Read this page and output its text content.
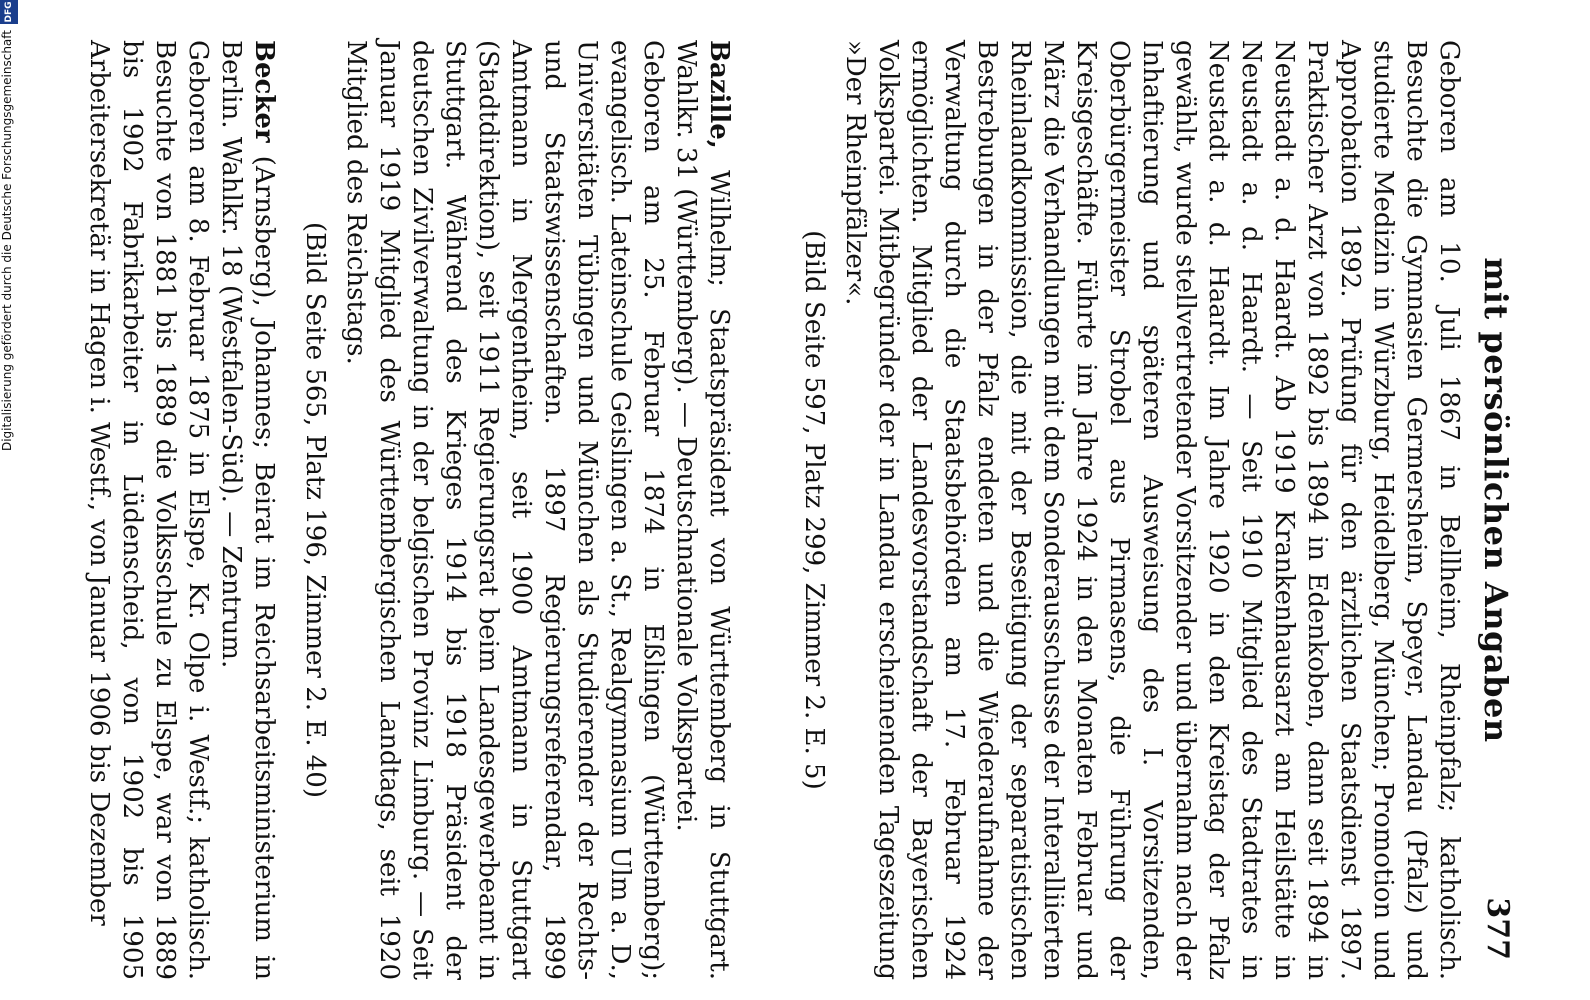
mit persönlichen Angaben
377

Geboren am 10. Juli 1867 in Bellheim, Rheinpfalz; katholisch. Besuchte die Gymnasien Germersheim, Speyer, Landau (Pfalz) und studierte Medizin in Würzburg, Heidelberg, München; Promotion und Approbation 1892. Prüfung für den ärztlichen Staatsdienst 1897. Praktischer Arzt von 1892 bis 1894 in Edenkoben, dann seit 1894 in Neustadt a. d. Haardt. Ab 1919 Krankenhausarzt am Heilstätte in Neustadt a. d. Haardt. — Seit 1910 Mitglied des Stadtrates in Neustadt a. d. Haardt. Im Jahre 1920 in den Kreistag der Pfalz gewählt, wurde stellvertretender Vorsitzender und übernahm nach der Inhaftierung und späteren Ausweisung des I. Vorsitzenden, Oberbürgermeister Strobel aus Pirmasens, die Führung der Kreisgeschäfte. Führte im Jahre 1924 in den Monaten Februar und März die Verhandlungen mit dem Sonderausschusse der Interalliierten Rheinlandkommission, die mit der Beseitigung der separatistischen Bestrebungen in der Pfalz endeten und die Wiederaufnahme der Verwaltung durch die Staatsbehörden am 17. Februar 1924 ermöglichten. Mitglied der Landesvorstandschaft der Bayerischen Volkspartei. Mitbegründer der in Landau erscheinenden Tageszeitung »Der Rheinpfälzer«.

(Bild Seite 597, Platz 299, Zimmer 2. E. 5)

Bazille, Wilhelm; Staatspräsident von Württemberg in Stuttgart. Wahlkr. 31 (Württemberg). — Deutschnationale Volkspartei.

Geboren am 25. Februar 1874 in Eßlingen (Württemberg); evangelisch. Lateinschule Geislingen a. St., Realgymnasium Ulm a. D., Universitäten Tübingen und München als Studierender der Rechts- und Staatswissenschaften. 1897 Regierungsreferendar, 1899 Amtmann in Mergentheim, seit 1900 Amtmann in Stuttgart (Stadtdirektion), seit 1911 Regierungsrat beim Landesgewerbeamt in Stuttgart. Während des Krieges 1914 bis 1918 Präsident der deutschen Zivilverwaltung in der belgischen Provinz Limburg. — Seit Januar 1919 Mitglied des Württembergischen Landtags, seit 1920 Mitglied des Reichstags.

(Bild Seite 565, Platz 196, Zimmer 2. E. 40)

Becker (Arnsberg), Johannes; Beirat im Reichsarbeitsministerium in Berlin. Wahlkr. 18 (Westfalen-Süd). — Zentrum.

Geboren am 8. Februar 1875 in Elspe, Kr. Olpe i. Westf.; katholisch. Besuchte von 1881 bis 1889 die Volksschule zu Elspe, war von 1889 bis 1902 Fabrikarbeiter in Lüdenscheid, von 1902 bis 1905 Arbeitersekretär in Hagen i. Westf., von Januar 1906 bis Dezember

Digitalisierung gefördert durch die Deutsche Forschungsgemeinschaft
DFG
